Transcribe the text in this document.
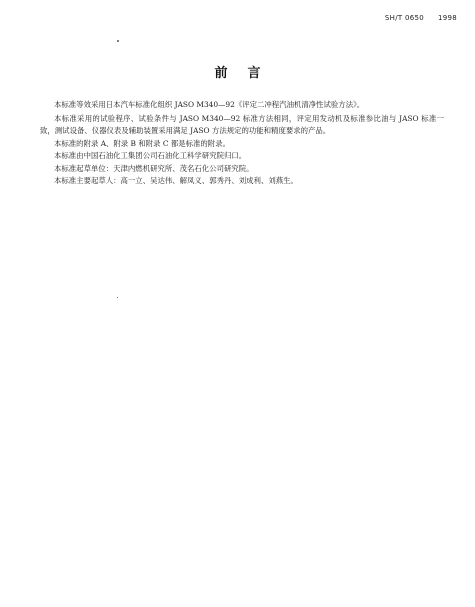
SH/T 0650 1998
前言

本标准等效采用日本汽车标准化组织 JASO M340—92《评定二冲程汽油机清净性试验方法》。

本标准采用的试验程序、试验条件与 JASO M340—92 标准方法相同，评定用发动机及标准参比油与 JASO 标准一致，测试设备、仪器仪表及辅助装置采用满足 JASO 方法规定的功能和精度要求的产品。

本标准的附录 A、附录 B 和附录 C 都是标准的附录。

本标准由中国石油化工集团公司石油化工科学研究院归口。

本标准起草单位：天津内燃机研究所、茂名石化公司研究院。

本标准主要起草人：高一立、吴达伟、解凤义、郭秀丹、刘成利、刘燕生。
